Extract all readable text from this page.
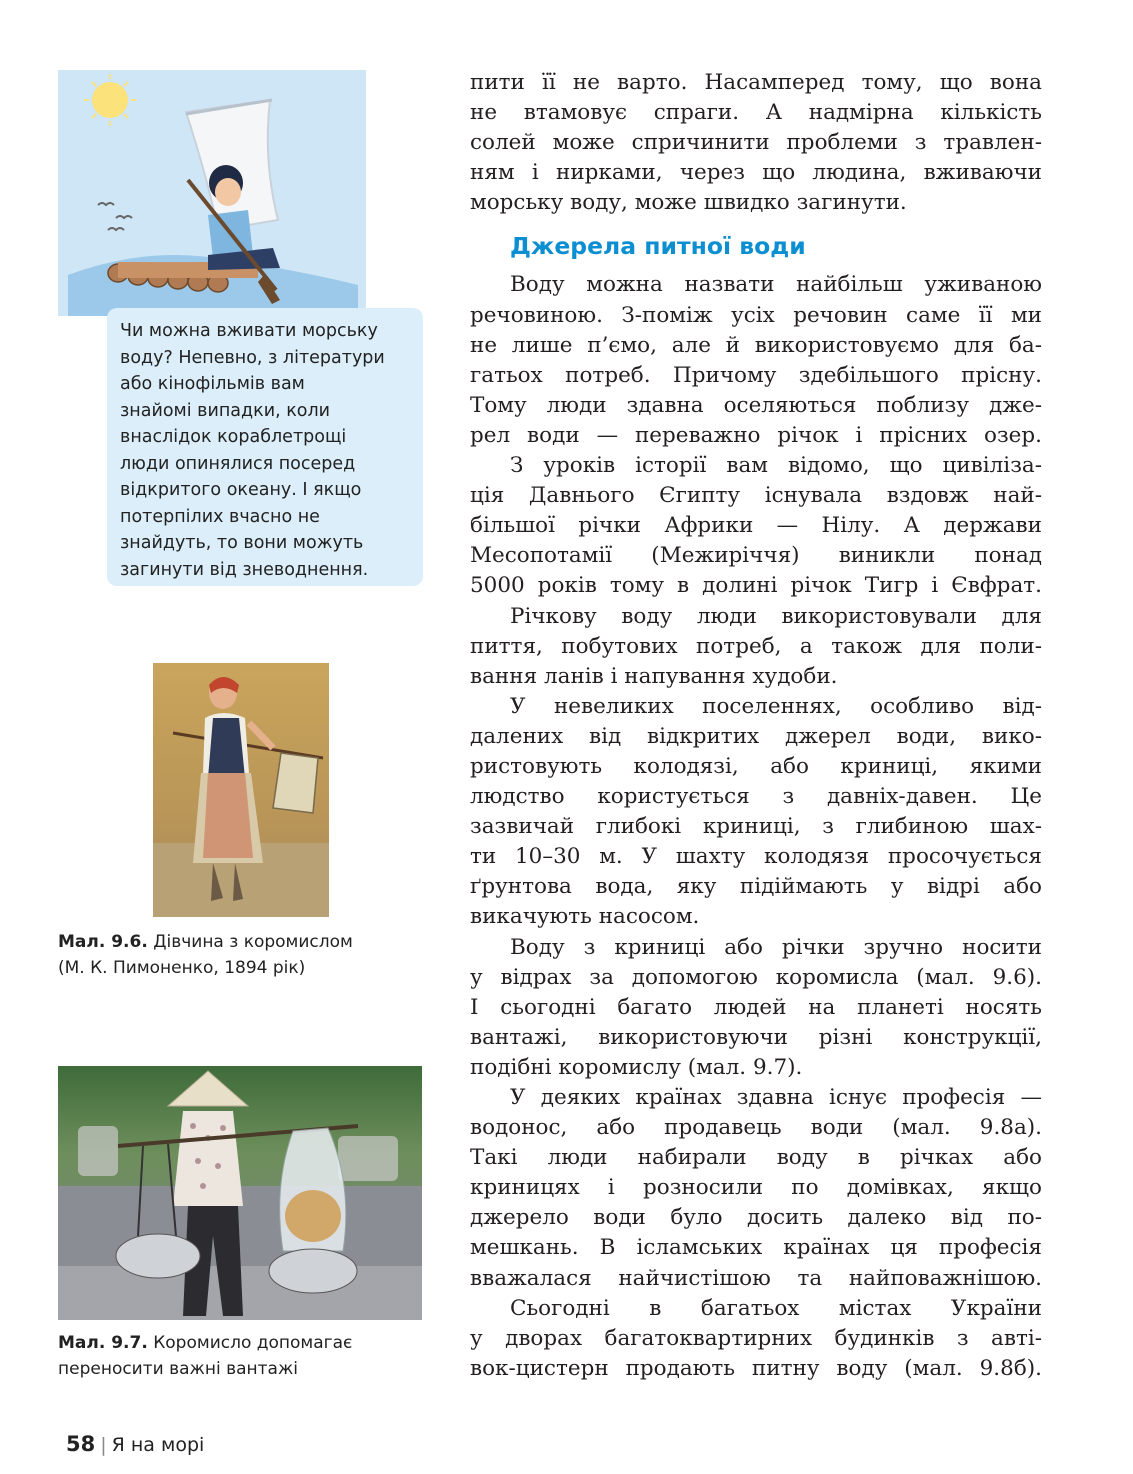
Чи можна вживати морську
воду? Непевно, з літератури
або кінофільмів вам
знайомі випадки, коли
внаслідок кораблетрощі
люди опинялися посеред
відкритого океану. І якщо
потерпілих вчасно не
знайдуть, то вони можуть
загинути від зневоднення.
Мал. 9.6. Дівчина з коромислом
(М. К. Пимоненко, 1894 рік)
Мал. 9.7. Коромисло допомагає
переносити важні вантажі
пити її не варто. Насамперед тому, що вона
не втамовує спраги. А надмірна кількість
солей може спричинити проблеми з травлен-
ням і нирками, через що людина, вживаючи
морську воду, може швидко загинути.
Джерела питної води
Воду можна назвати найбільш уживаною
речовиною. З-поміж усіх речовин саме її ми
не лише п’ємо, але й використовуємо для ба-
гатьох потреб. Причому здебільшого прісну.
Тому люди здавна оселяються поблизу дже-
рел води — переважно річок і прісних озер.
З уроків історії вам відомо, що цивіліза-
ція Давнього Єгипту існувала вздовж най-
більшої річки Африки — Нілу. А держави
Месопотамії (Межиріччя) виникли понад
5000 років тому в долині річок Тигр і Євфрат.
Річкову воду люди використовували для
пиття, побутових потреб, а також для поли-
вання ланів і напування худоби.
У невеликих поселеннях, особливо від-
далених від відкритих джерел води, вико-
ристовують колодязі, або криниці, якими
людство користується з давніх-давен. Це
зазвичай глибокі криниці, з глибиною шах-
ти 10–30 м. У шахту колодязя просочується
ґрунтова вода, яку підіймають у відрі або
викачують насосом.
Воду з криниці або річки зручно носити
у відрах за допомогою коромисла (мал. 9.6).
І сьогодні багато людей на планеті носять
вантажі, використовуючи різні конструкції,
подібні коромислу (мал. 9.7).
У деяких країнах здавна існує професія —
водонос, або продавець води (мал. 9.8а).
Такі люди набирали воду в річках або
криницях і розносили по домівках, якщо
джерело води було досить далеко від по-
мешкань. В ісламських країнах ця професія
вважалася найчистішою та найповажнішою.
Сьогодні в багатьох містах України
у дворах багатоквартирних будинків з авті-
вок-цистерн продають питну воду (мал. 9.8б).
58 | Я на морі
